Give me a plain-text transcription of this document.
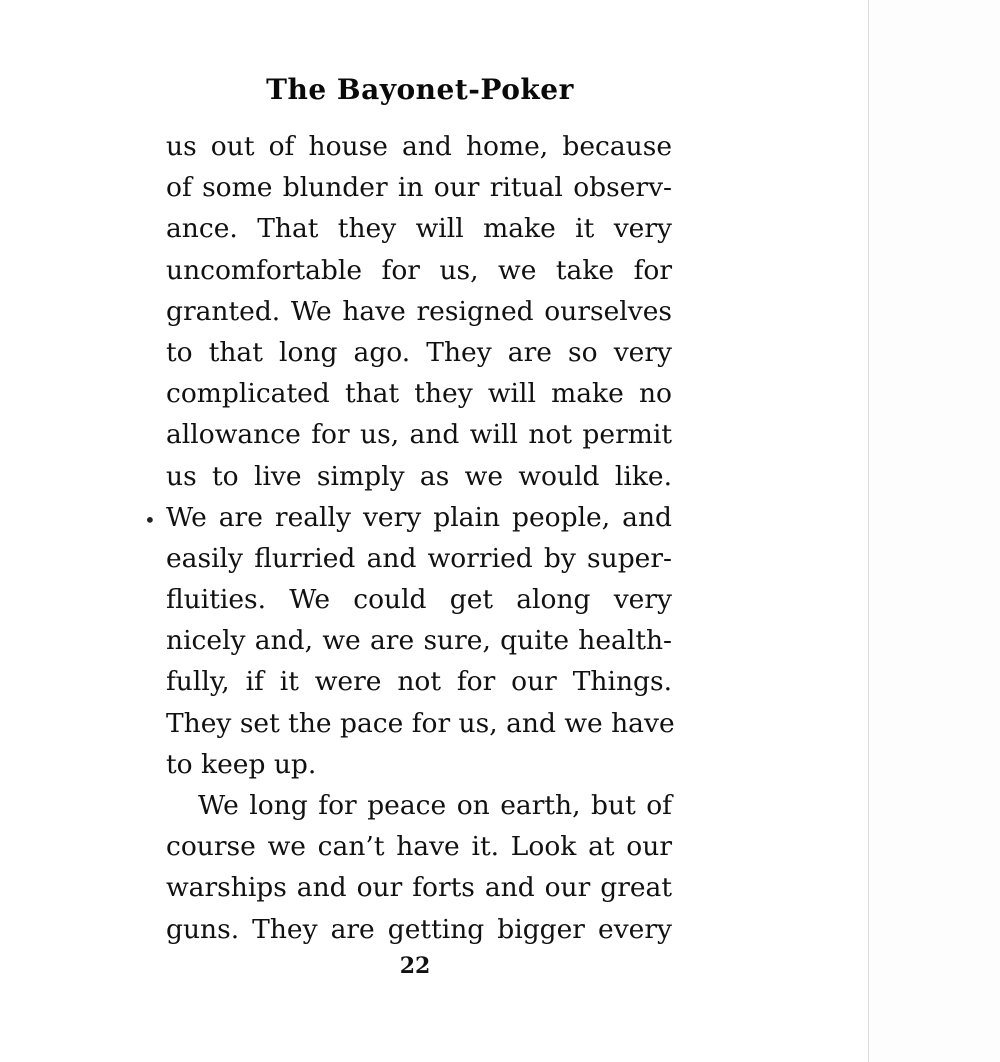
The Bayonet-Poker
•
us out of house and home, because
of some blunder in our ritual observ-
ance. That they will make it very
uncomfortable for us, we take for
granted. We have resigned ourselves
to that long ago. They are so very
complicated that they will make no
allowance for us, and will not permit
us to live simply as we would like.
We are really very plain people, and
easily flurried and worried by super-
fluities. We could get along very
nicely and, we are sure, quite health-
fully, if it were not for our Things.
They set the pace for us, and we have
to keep up.
We long for peace on earth, but of
course we can’t have it. Look at our
warships and our forts and our great
guns. They are getting bigger every
22
